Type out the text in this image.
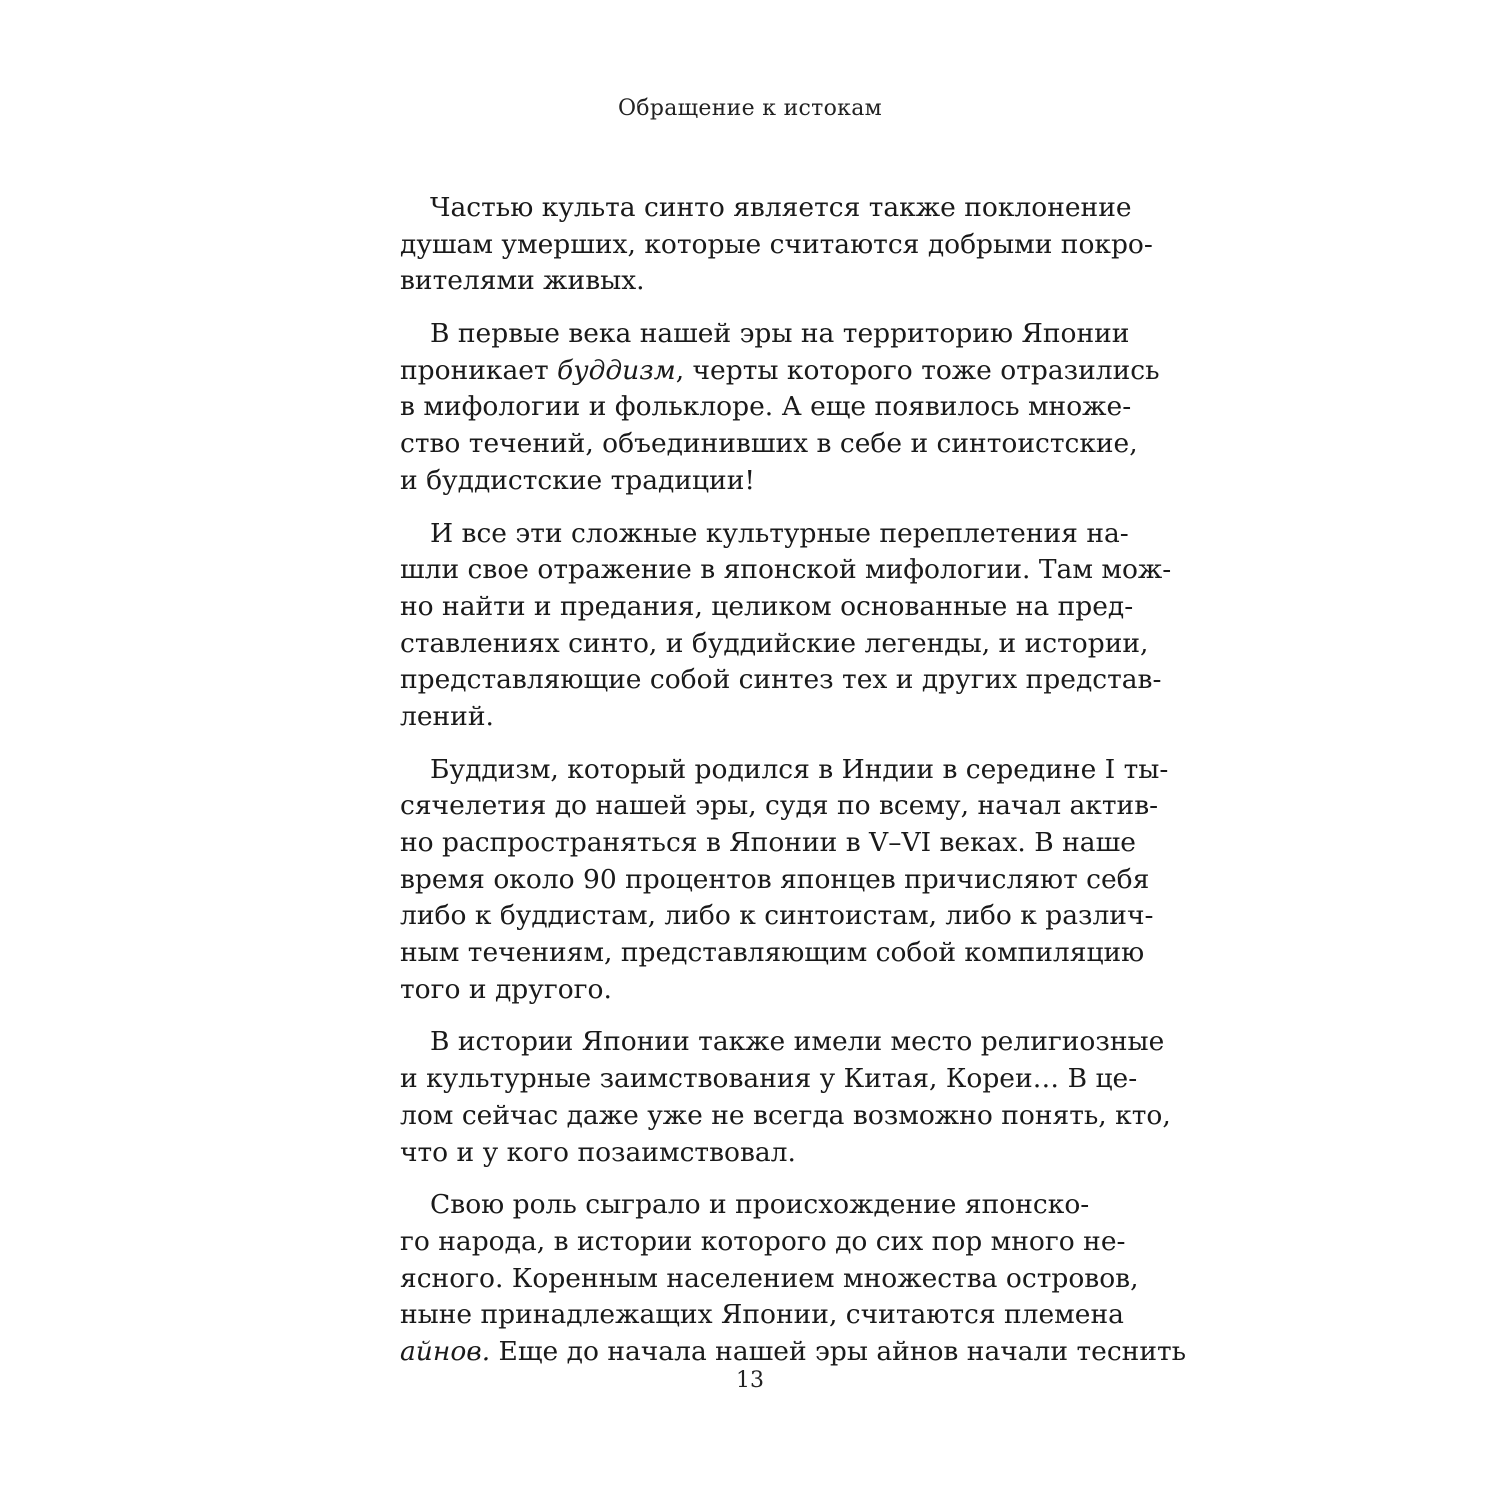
Обращение к истокам
Частью культа синто является также поклонение
душам умерших, которые считаются добрыми покро-
вителями живых.
В первые века нашей эры на территорию Японии
проникает буддизм, черты которого тоже отразились
в мифологии и фольклоре. А еще появилось множе-
ство течений, объединивших в себе и синтоистские,
и буддистские традиции!
И все эти сложные культурные переплетения на-
шли свое отражение в японской мифологии. Там мож-
но найти и предания, целиком основанные на пред-
ставлениях синто, и буддийские легенды, и истории,
представляющие собой синтез тех и других представ-
лений.
Буддизм, который родился в Индии в середине I ты-
сячелетия до нашей эры, судя по всему, начал актив-
но распространяться в Японии в V–VI веках. В наше
время около 90 процентов японцев причисляют себя
либо к буддистам, либо к синтоистам, либо к различ-
ным течениям, представляющим собой компиляцию
того и другого.
В истории Японии также имели место религиозные
и культурные заимствования у Китая, Кореи… В це-
лом сейчас даже уже не всегда возможно понять, кто,
что и у кого позаимствовал.
Свою роль сыграло и происхождение японско-
го народа, в истории которого до сих пор много не-
ясного. Коренным населением множества островов,
ныне принадлежащих Японии, считаются племена
айнов. Еще до начала нашей эры айнов начали теснить
13
